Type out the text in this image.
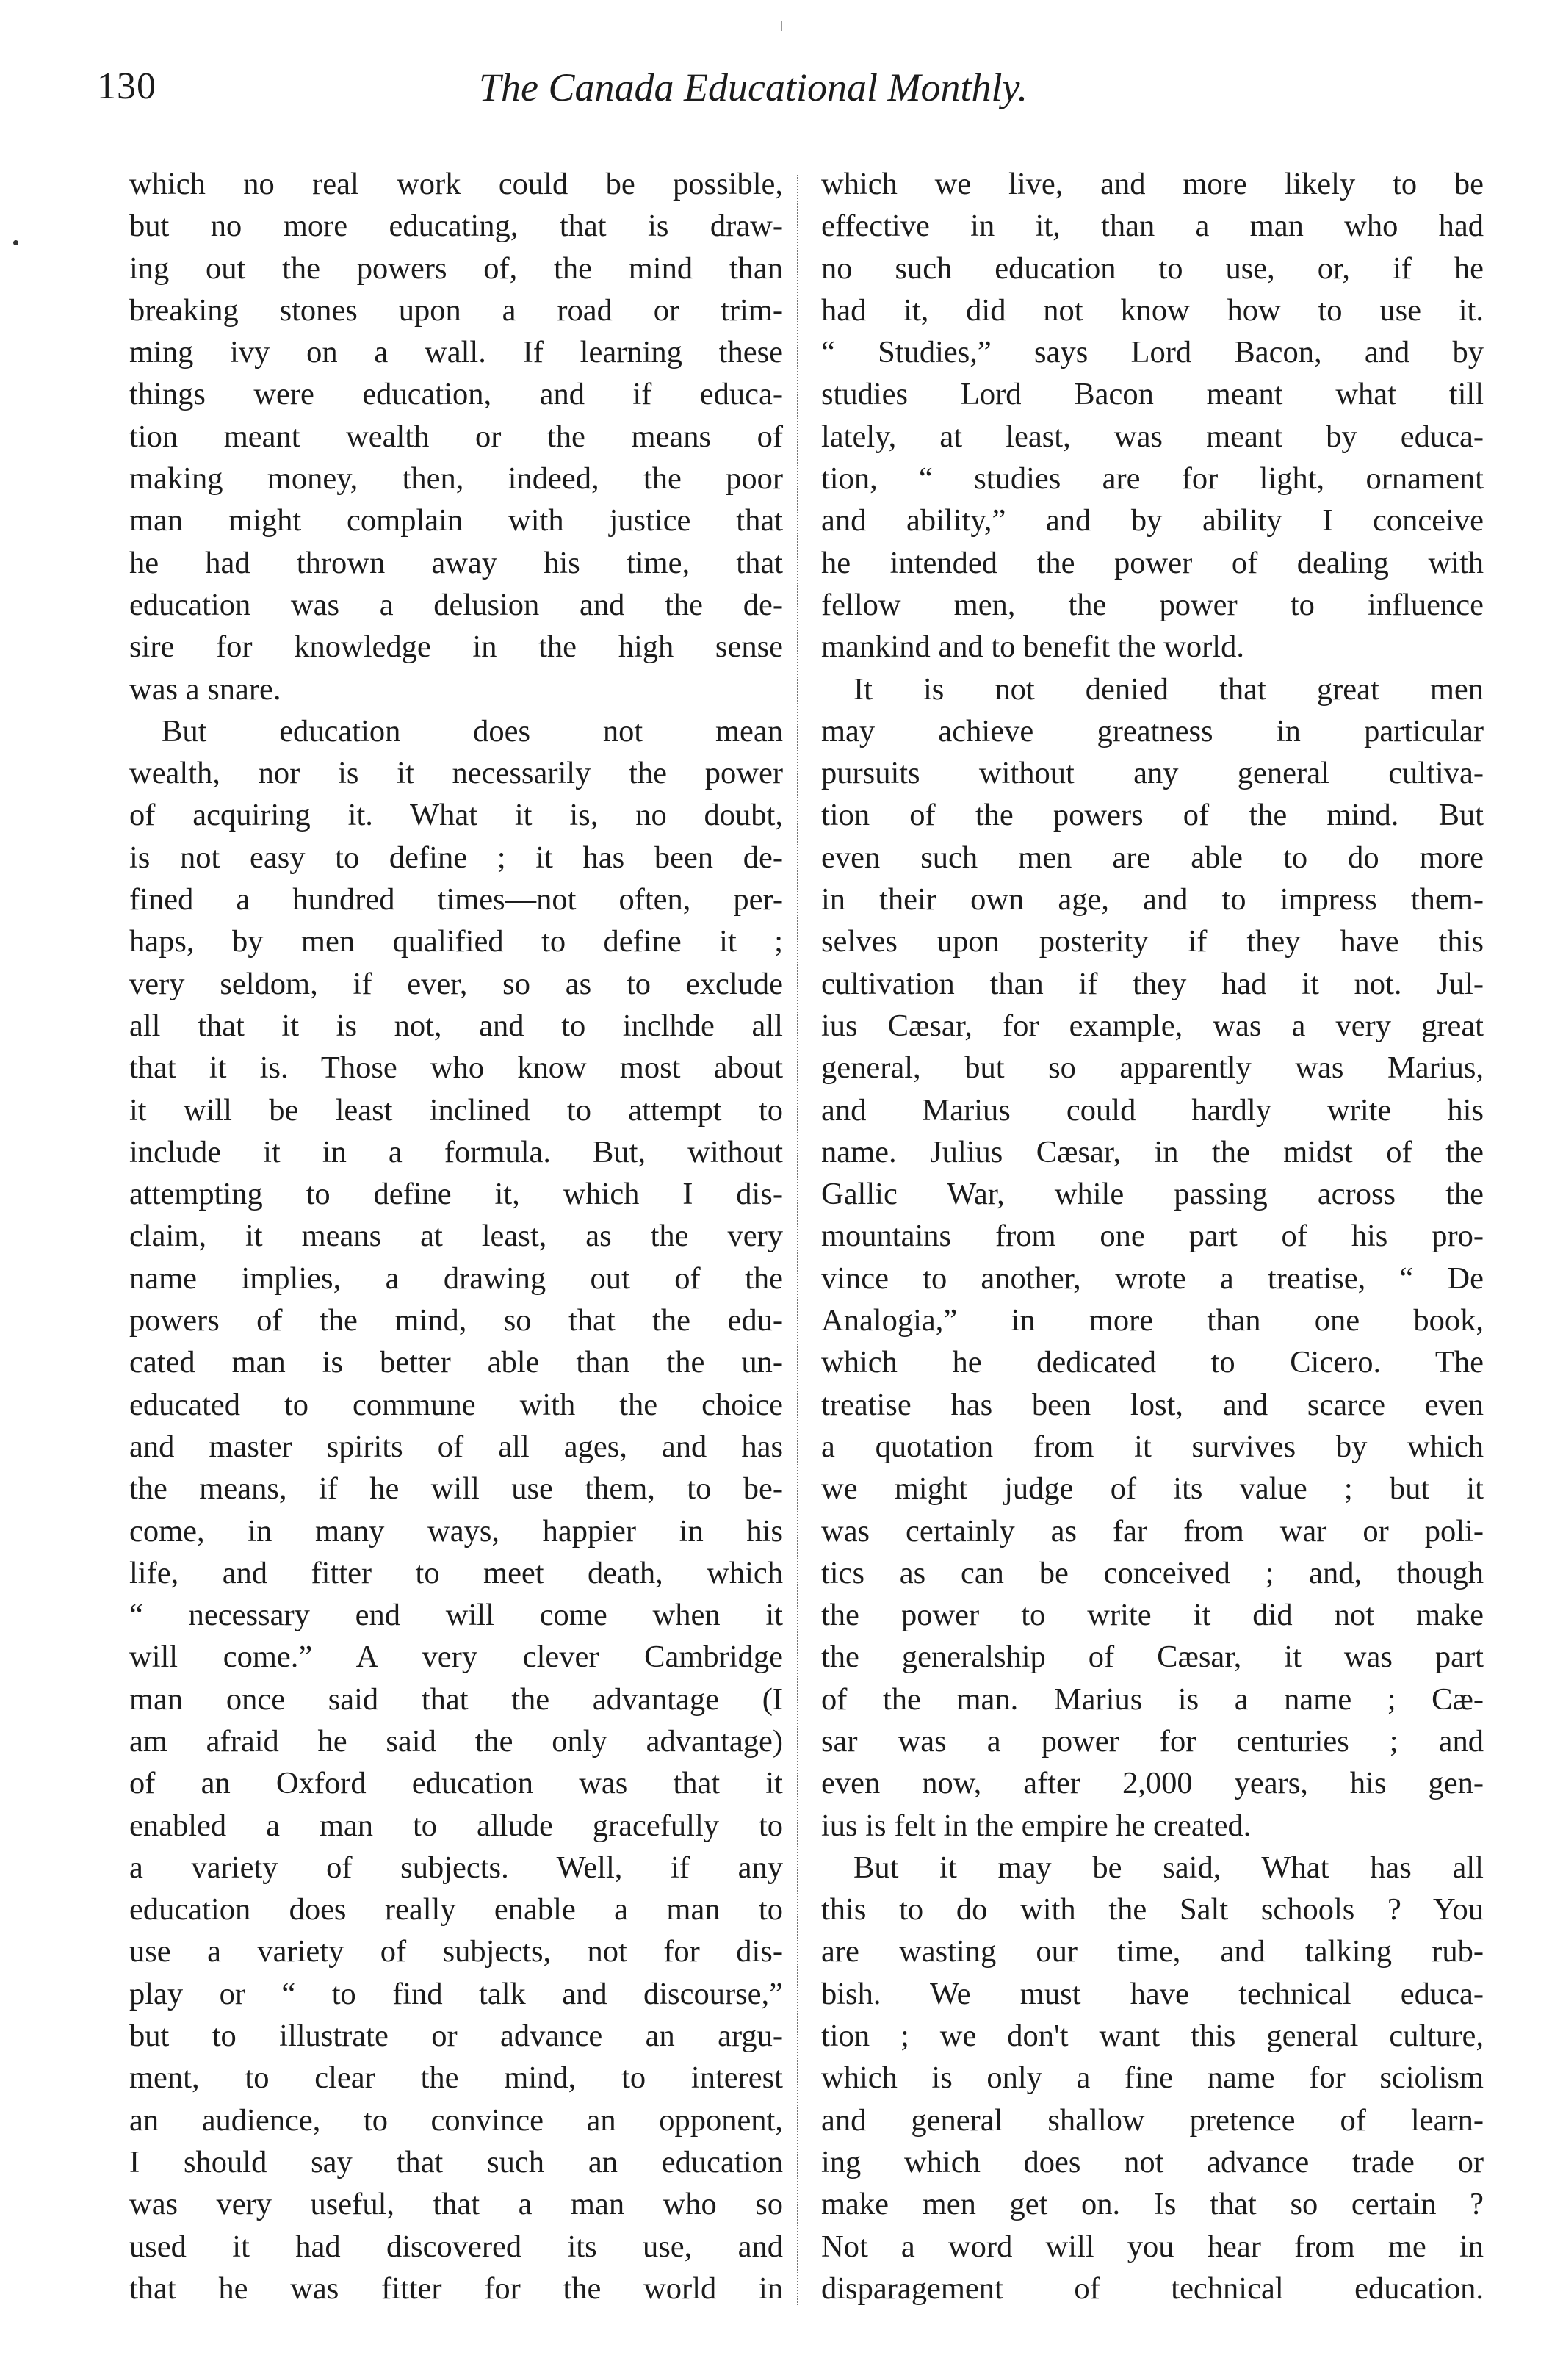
130	The Canada Educational Monthly.
which no real work could be possible,
but no more educating, that is draw-
ing out the powers of, the mind than
breaking stones upon a road or trim-
ming ivy on a wall. If learning these
things were education, and if educa-
tion meant wealth or the means of
making money, then, indeed, the poor
man might complain with justice that
he had thrown away his time, that
education was a delusion and the de-
sire for knowledge in the high sense
was a snare.
But education does not mean
wealth, nor is it necessarily the power
of acquiring it. What it is, no doubt,
is not easy to define ; it has been de-
fined a hundred times—not often, per-
haps, by men qualified to define it ;
very seldom, if ever, so as to exclude
all that it is not, and to inclhde all
that it is. Those who know most about
it will be least inclined to attempt to
include it in a formula. But, without
attempting to define it, which I dis-
claim, it means at least, as the very
name implies, a drawing out of the
powers of the mind, so that the edu-
cated man is better able than the un-
educated to commune with the choice
and master spirits of all ages, and has
the means, if he will use them, to be-
come, in many ways, happier in his
life, and fitter to meet death, which
“ necessary end will come when it
will come.” A very clever Cambridge
man once said that the advantage (I
am afraid he said the only advantage)
of an Oxford education was that it
enabled a man to allude gracefully to
a variety of subjects. Well, if any
education does really enable a man to
use a variety of subjects, not for dis-
play or “ to find talk and discourse,”
but to illustrate or advance an argu-
ment, to clear the mind, to interest
an audience, to convince an opponent,
I should say that such an education
was very useful, that a man who so
used it had discovered its use, and
that he was fitter for the world in
which we live, and more likely to be
effective in it, than a man who had
no such education to use, or, if he
had it, did not know how to use it.
“ Studies,” says Lord Bacon, and by
studies Lord Bacon meant what till
lately, at least, was meant by educa-
tion, “ studies are for light, ornament
and ability,” and by ability I conceive
he intended the power of dealing with
fellow men, the power to influence
mankind and to benefit the world.
It is not denied that great men
may achieve greatness in particular
pursuits without any general cultiva-
tion of the powers of the mind. But
even such men are able to do more
in their own age, and to impress them-
selves upon posterity if they have this
cultivation than if they had it not. Jul-
ius Cæsar, for example, was a very great
general, but so apparently was Marius,
and Marius could hardly write his
name. Julius Cæsar, in the midst of the
Gallic War, while passing across the
mountains from one part of his pro-
vince to another, wrote a treatise, “ De
Analogia,” in more than one book,
which he dedicated to Cicero. The
treatise has been lost, and scarce even
a quotation from it survives by which
we might judge of its value ; but it
was certainly as far from war or poli-
tics as can be conceived ; and, though
the power to write it did not make
the generalship of Cæsar, it was part
of the man. Marius is a name ; Cæ-
sar was a power for centuries ; and
even now, after 2,000 years, his gen-
ius is felt in the empire he created.
But it may be said, What has all
this to do with the Salt schools ? You
are wasting our time, and talking rub-
bish. We must have technical educa-
tion ; we don't want this general culture,
which is only a fine name for sciolism
and general shallow pretence of learn-
ing which does not advance trade or
make men get on. Is that so certain ?
Not a word will you hear from me in
disparagement of technical education.
